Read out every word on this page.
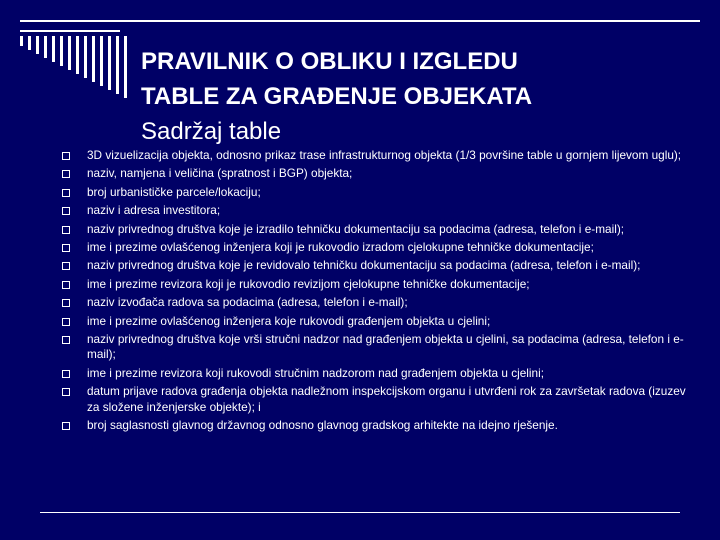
PRAVILNIK O OBLIKU I IZGLEDU
TABLE ZA GRAĐENJE OBJEKATA
Sadržaj table
3D vizuelizacija objekta, odnosno prikaz trase infrastrukturnog objekta (1/3 površine table u gornjem lijevom uglu);
naziv, namjena i veličina (spratnost i BGP) objekta;
broj urbanističke parcele/lokaciju;
naziv i adresa investitora;
naziv privrednog društva koje je izradilo tehničku dokumentaciju sa podacima (adresa, telefon i e-mail);
ime i prezime ovlašćenog inženjera koji je rukovodio izradom cjelokupne tehničke dokumentacije;
naziv privrednog društva koje je revidovalo tehničku dokumentaciju sa podacima (adresa, telefon i e-mail);
ime i prezime revizora koji je rukovodio revizijom cjelokupne tehničke dokumentacije;
naziv izvođača radova sa podacima (adresa, telefon i e-mail);
ime i prezime ovlašćenog inženjera koje rukovodi građenjem objekta u cjelini;
naziv privrednog društva koje vrši stručni nadzor nad građenjem objekta u cjelini, sa podacima (adresa, telefon i e-mail);
ime i prezime revizora koji rukovodi stručnim nadzorom nad građenjem objekta u cjelini;
datum prijave radova građenja objekta nadležnom inspekcijskom organu i utvrđeni rok za završetak radova (izuzev za složene inženjerske objekte); i
broj saglasnosti glavnog državnog odnosno glavnog gradskog arhitekte na idejno rješenje.
